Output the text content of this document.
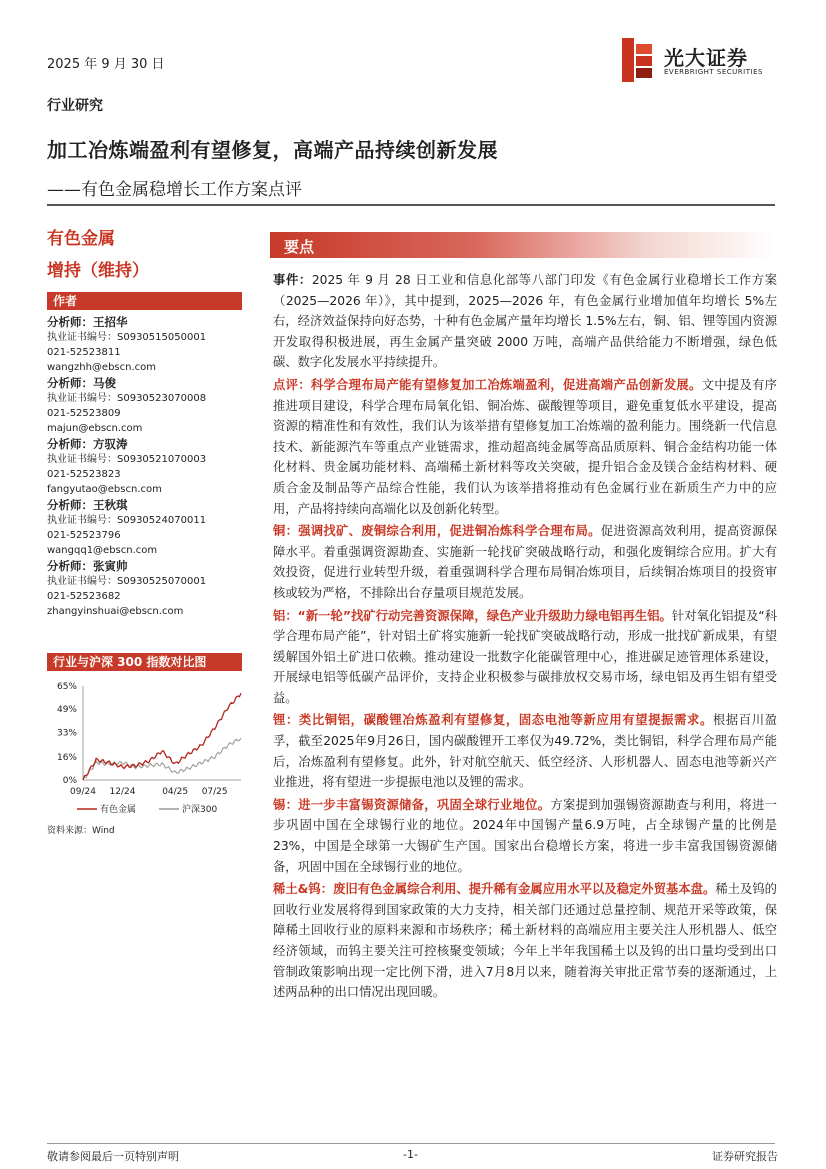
2025 年 9 月 30 日	光大证券
EVERBRIGHT SECURITIES
行业研究
加工冶炼端盈利有望修复，高端产品持续创新发展
——有色金属稳增长工作方案点评
有色金属
增持（维持）
作者
分析师：王招华
执业证书编号：S0930515050001
021-52523811
wangzhh@ebscn.com
分析师：马俊
执业证书编号：S0930523070008
021-52523809
majun@ebscn.com
分析师：方驭涛
执业证书编号：S0930521070003
021-52523823
fangyutao@ebscn.com
分析师：王秋琪
执业证书编号：S0930524070011
021-52523796
wangqq1@ebscn.com
分析师：张寅帅
执业证书编号：S0930525070001
021-52523682
zhangyinshuai@ebscn.com
行业与沪深 300 指数对比图
0%
16%
33%
49%
65%
09/24 12/24	04/25 07/25
有色金属	沪深300
资料来源：Wind
要点

事件：2025 年 9 月 28 日工业和信息化部等八部门印发《有色金属行业稳增长工作方案（2025—2026 年）》，其中提到，2025—2026 年，有色金属行业增加值年均增长 5%左右，经济效益保持向好态势，十种有色金属产量年均增长 1.5%左右，铜、铝、锂等国内资源开发取得积极进展，再生金属产量突破 2000 万吨，高端产品供给能力不断增强，绿色低碳、数字化发展水平持续提升。

点评：科学合理布局产能有望修复加工冶炼端盈利，促进高端产品创新发展。文中提及有序推进项目建设，科学合理布局氧化铝、铜冶炼、碳酸锂等项目，避免重复低水平建设，提高资源的精准性和有效性，我们认为该举措有望修复加工冶炼端的盈利能力。围绕新一代信息技术、新能源汽车等重点产业链需求，推动超高纯金属等高品质原料、铜合金结构功能一体化材料、贵金属功能材料、高端稀土新材料等攻关突破，提升铝合金及镁合金结构材料、硬质合金及制品等产品综合性能，我们认为该举措将推动有色金属行业在新质生产力中的应用，产品将持续向高端化以及创新化转型。

铜：强调找矿、废铜综合利用，促进铜冶炼科学合理布局。促进资源高效利用，提高资源保障水平。着重强调资源勘查、实施新一轮找矿突破战略行动，和强化废铜综合应用。扩大有效投资，促进行业转型升级，着重强调科学合理布局铜冶炼项目，后续铜冶炼项目的投资审核或较为严格，不排除出台存量项目规范发展。

铝：“新一轮”找矿行动完善资源保障，绿色产业升级助力绿电铝再生铝。针对氧化铝提及“科学合理布局产能”，针对铝土矿将实施新一轮找矿突破战略行动，形成一批找矿新成果，有望缓解国外铝土矿进口依赖。推动建设一批数字化能碳管理中心，推进碳足迹管理体系建设，开展绿电铝等低碳产品评价，支持企业积极参与碳排放权交易市场，绿电铝及再生铝有望受益。

锂：类比铜铝，碳酸锂冶炼盈利有望修复，固态电池等新应用有望提振需求。根据百川盈孚，截至2025年9月26日，国内碳酸锂开工率仅为49.72%，类比铜铝，科学合理布局产能后，冶炼盈利有望修复。此外，针对航空航天、低空经济、人形机器人、固态电池等新兴产业推进，将有望进一步提振电池以及锂的需求。

锡：进一步丰富锡资源储备，巩固全球行业地位。方案提到加强锡资源勘查与利用，将进一步巩固中国在全球锡行业的地位。2024年中国锡产量6.9万吨，占全球锡产量的比例是23%，中国是全球第一大锡矿生产国。国家出台稳增长方案，将进一步丰富我国锡资源储备，巩固中国在全球锡行业的地位。

稀土&钨：废旧有色金属综合利用、提升稀有金属应用水平以及稳定外贸基本盘。稀土及钨的回收行业发展将得到国家政策的大力支持，相关部门还通过总量控制、规范开采等政策，保障稀土回收行业的原料来源和市场秩序；稀土新材料的高端应用主要关注人形机器人、低空经济领域，而钨主要关注可控核聚变领域；今年上半年我国稀土以及钨的出口量均受到出口管制政策影响出现一定比例下滑，进入7月8月以来，随着海关审批正常节奏的逐渐通过，上述两品种的出口情况出现回暖。

敬请参阅最后一页特别声明	-1-	证券研究报告
